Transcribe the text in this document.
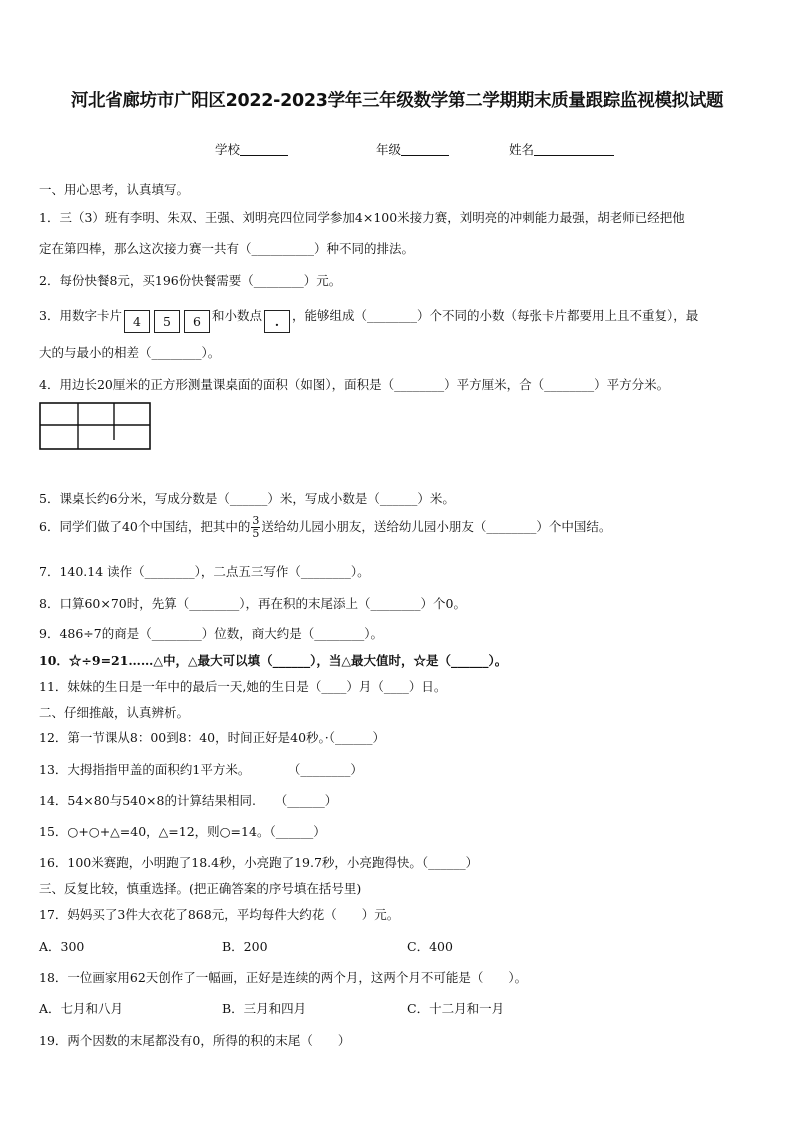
河北省廊坊市广阳区2022-2023学年三年级数学第二学期期末质量跟踪监视模拟试题
学校	年级	姓名
一、用心思考，认真填写。
1．三（3）班有李明、朱双、王强、刘明亮四位同学参加4×100米接力赛，刘明亮的冲刺能力最强，胡老师已经把他
定在第四棒，那么这次接力赛一共有（__________）种不同的排法。
2．每份快餐8元，买196份快餐需要（________）元。
3．用数字卡片 4 5 6 和小数点 . ，能够组成（________）个不同的小数（每张卡片都要用上且不重复），最
大的与最小的相差（________）。
4．用边长20厘米的正方形测量课桌面的面积（如图），面积是（________）平方厘米，合（________）平方分米。
5．课桌长约6分米，写成分数是（______）米，写成小数是（______）米。
6．同学们做了40个中国结，把其中的 $\frac{3}{5}$ 送给幼儿园小朋友，送给幼儿园小朋友（________）个中国结。
7．140.14 读作（________），二点五三写作（________）。
8．口算60×70时，先算（________），再在积的末尾添上（________）个0。
9．486÷7的商是（________）位数，商大约是（________）。
10．☆÷9=21……△中，△最大可以填（______），当△最大值时，☆是（______）。
11．妹妹的生日是一年中的最后一天,她的生日是（____）月（____）日。
二、仔细推敲，认真辨析。
12．第一节课从8：00到8：40，时间正好是40秒。·（______）
13．大拇指指甲盖的面积约1平方米。　　　　（________）
14．54×80与540×8的计算结果相同.　　（______）
15．○+○+△=40，△=12，则○=14。（______）
16．100米赛跑，小明跑了18.4秒，小亮跑了19.7秒，小亮跑得快。（______）
三、反复比较，慎重选择。(把正确答案的序号填在括号里)
17．妈妈买了3件大衣花了868元，平均每件大约花（　　）元。
A．300	B．200	C．400
18．一位画家用62天创作了一幅画，正好是连续的两个月，这两个月不可能是（　　）。
A．七月和八月	B．三月和四月	C．十二月和一月
19．两个因数的末尾都没有0，所得的积的末尾（　　）
